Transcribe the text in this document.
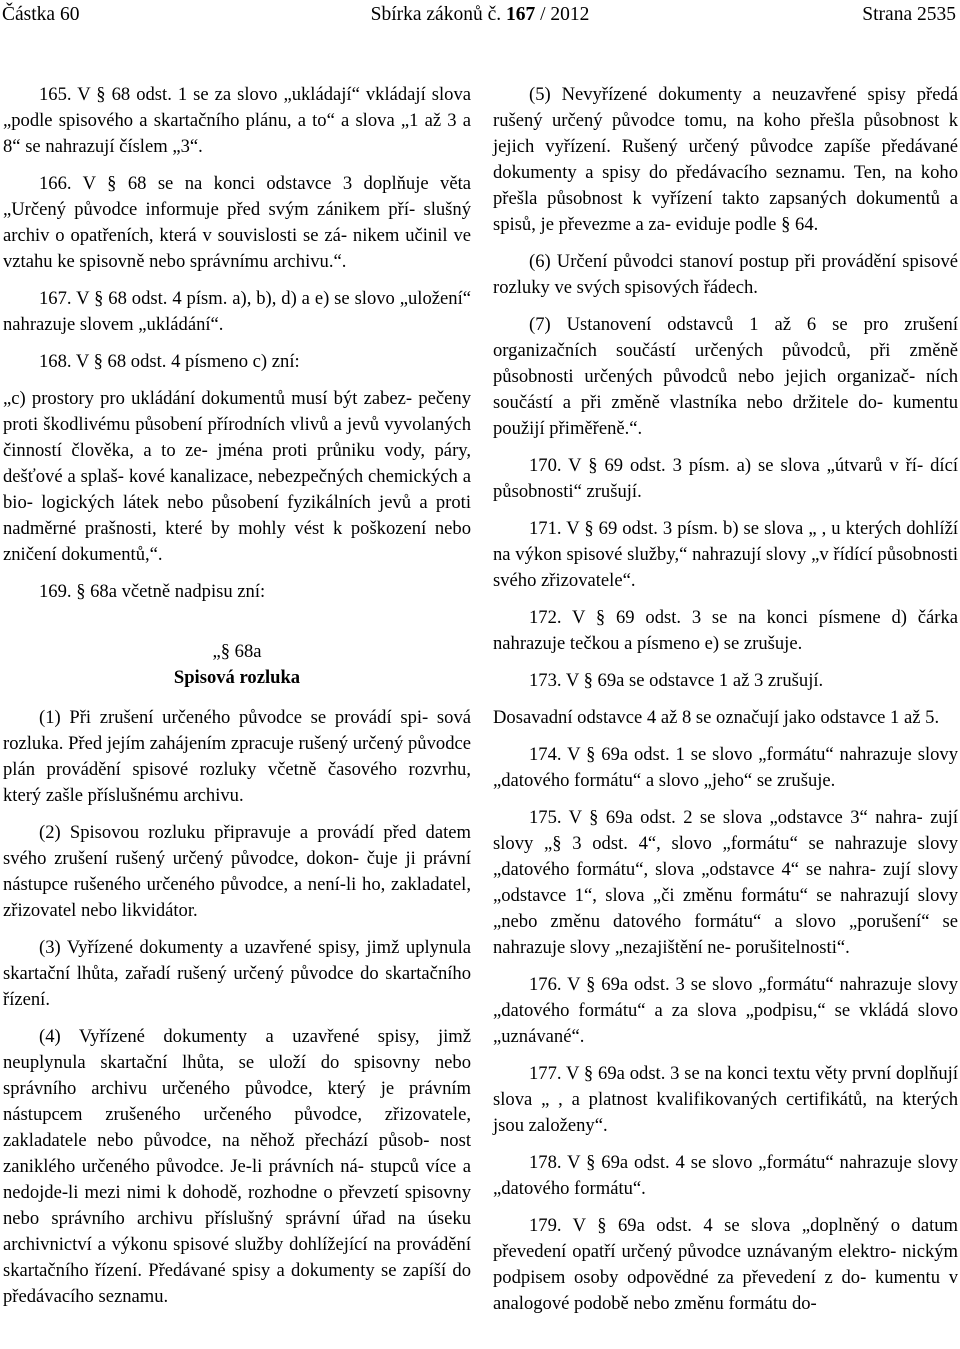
Částka 60	Sbírka zákonů č. 167 / 2012	Strana 2535

165. V § 68 odst. 1 se za slovo „ukládají“ vkládají slova „podle spisového a skartačního plánu, a to“ a slova „1 až 3 a 8“ se nahrazují číslem „3“.

166. V § 68 se na konci odstavce 3 doplňuje věta „Určený původce informuje před svým zánikem pří- slušný archiv o opatřeních, která v souvislosti se zá- nikem učinil ve vztahu ke spisovně nebo správnímu archivu.“.

167. V § 68 odst. 4 písm. a), b), d) a e) se slovo „uložení“ nahrazuje slovem „ukládání“.

168. V § 68 odst. 4 písmeno c) zní:

„c) prostory pro ukládání dokumentů musí být zabez- pečeny proti škodlivému působení přírodních vlivů a jevů vyvolaných činností člověka, a to ze- jména proti průniku vody, páry, dešťové a splaš- kové kanalizace, nebezpečných chemických a bio- logických látek nebo působení fyzikálních jevů a proti nadměrné prašnosti, které by mohly vést k poškození nebo zničení dokumentů,“.

169. § 68a včetně nadpisu zní:

„§ 68a

Spisová rozluka

(1) Při zrušení určeného původce se provádí spi- sová rozluka. Před jejím zahájením zpracuje rušený určený původce plán provádění spisové rozluky včetně časového rozvrhu, který zašle příslušnému archivu.

(2) Spisovou rozluku připravuje a provádí před datem svého zrušení rušený určený původce, dokon- čuje ji právní nástupce rušeného určeného původce, a není-li ho, zakladatel, zřizovatel nebo likvidátor.

(3) Vyřízené dokumenty a uzavřené spisy, jimž uplynula skartační lhůta, zařadí rušený určený původce do skartačního řízení.

(4) Vyřízené dokumenty a uzavřené spisy, jimž neuplynula skartační lhůta, se uloží do spisovny nebo správního archivu určeného původce, který je právním nástupcem zrušeného určeného původce, zřizovatele, zakladatele nebo původce, na něhož přechází působ- nost zaniklého určeného původce. Je-li právních ná- stupců více a nedojde-li mezi nimi k dohodě, rozhodne o převzetí spisovny nebo správního archivu příslušný správní úřad na úseku archivnictví a výkonu spisové služby dohlížející na provádění skartačního řízení. Předávané spisy a dokumenty se zapíší do předávacího seznamu.

(5) Nevyřízené dokumenty a neuzavřené spisy předá rušený určený původce tomu, na koho přešla působnost k jejich vyřízení. Rušený určený původce zapíše předávané dokumenty a spisy do předávacího seznamu. Ten, na koho přešla působnost k vyřízení takto zapsaných dokumentů a spisů, je převezme a za- eviduje podle § 64.

(6) Určení původci stanoví postup při provádění spisové rozluky ve svých spisových řádech.

(7) Ustanovení odstavců 1 až 6 se pro zrušení organizačních součástí určených původců, při změně působnosti určených původců nebo jejich organizač- ních součástí a při změně vlastníka nebo držitele do- kumentu použijí přiměřeně.“.

170. V § 69 odst. 3 písm. a) se slova „útvarů v ří- dící působnosti“ zrušují.

171. V § 69 odst. 3 písm. b) se slova „ , u kterých dohlíží na výkon spisové služby,“ nahrazují slovy „v řídící působnosti svého zřizovatele“.

172. V § 69 odst. 3 se na konci písmene d) čárka nahrazuje tečkou a písmeno e) se zrušuje.

173. V § 69a se odstavce 1 až 3 zrušují.

Dosavadní odstavce 4 až 8 se označují jako odstavce 1 až 5.

174. V § 69a odst. 1 se slovo „formátu“ nahrazuje slovy „datového formátu“ a slovo „jeho“ se zrušuje.

175. V § 69a odst. 2 se slova „odstavce 3“ nahra- zují slovy „§ 3 odst. 4“, slovo „formátu“ se nahrazuje slovy „datového formátu“, slova „odstavce 4“ se nahra- zují slovy „odstavce 1“, slova „či změnu formátu“ se nahrazují slovy „nebo změnu datového formátu“ a slovo „porušení“ se nahrazuje slovy „nezajištění ne- porušitelnosti“.

176. V § 69a odst. 3 se slovo „formátu“ nahrazuje slovy „datového formátu“ a za slova „podpisu,“ se vkládá slovo „uznávané“.

177. V § 69a odst. 3 se na konci textu věty první doplňují slova „ , a platnost kvalifikovaných certifikátů, na kterých jsou založeny“.

178. V § 69a odst. 4 se slovo „formátu“ nahrazuje slovy „datového formátu“.

179. V § 69a odst. 4 se slova „doplněný o datum převedení opatří určený původce uznávaným elektro- nickým podpisem osoby odpovědné za převedení z do- kumentu v analogové podobě nebo změnu formátu do-
